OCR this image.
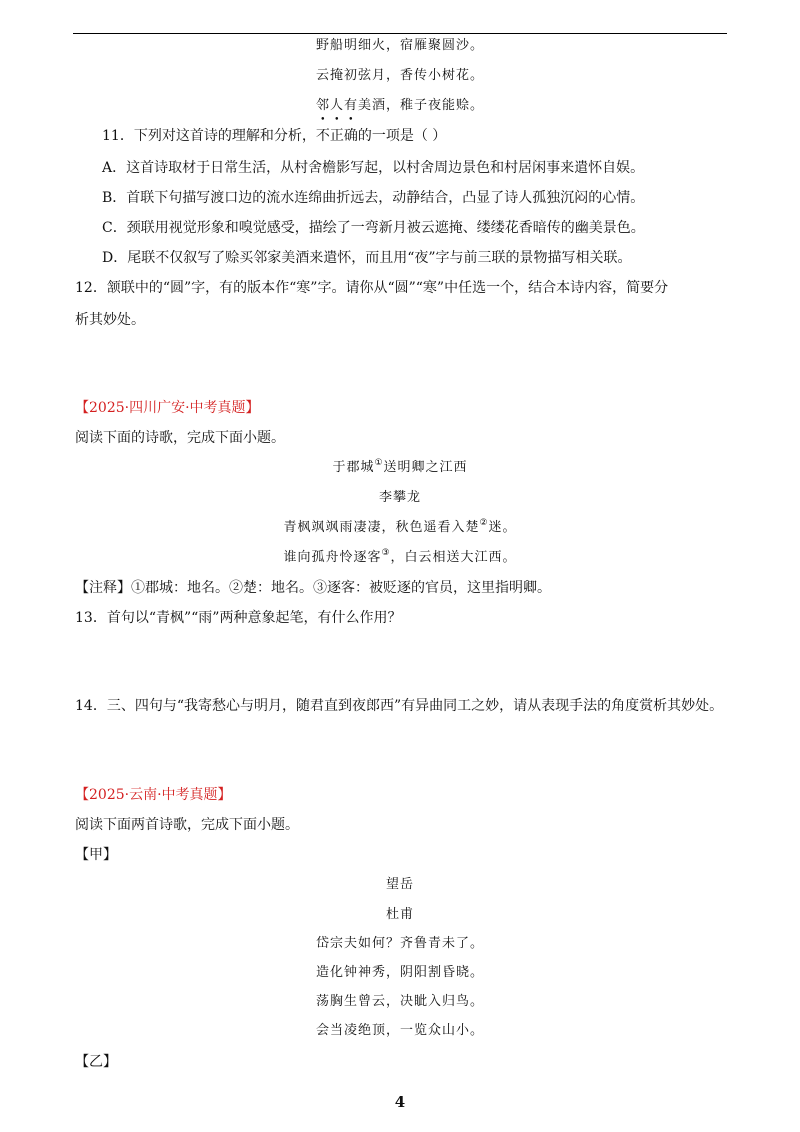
野船明细火，宿雁聚圆沙。
云掩初弦月，香传小树花。
邻人有美酒，稚子夜能赊。
11．下列对这首诗的理解和分析，不正确的一项是（ ）
A．这首诗取材于日常生活，从村舍檐影写起，以村舍周边景色和村居闲事来遣怀自娱。
B．首联下句描写渡口边的流水连绵曲折远去，动静结合，凸显了诗人孤独沉闷的心情。
C．颈联用视觉形象和嗅觉感受，描绘了一弯新月被云遮掩、缕缕花香暗传的幽美景色。
D．尾联不仅叙写了赊买邻家美酒来遣怀，而且用“夜”字与前三联的景物描写相关联。
12．颔联中的“圆”字，有的版本作“寒”字。请你从“圆”“寒”中任选一个，结合本诗内容，简要分
析其妙处。
【2025·四川广安·中考真题】
阅读下面的诗歌，完成下面小题。
于郡城①送明卿之江西
李攀龙
青枫飒飒雨凄凄，秋色遥看入楚②迷。
谁向孤舟怜逐客③，白云相送大江西。
【注释】①郡城：地名。②楚：地名。③逐客：被贬逐的官员，这里指明卿。
13．首句以“青枫”“雨”两种意象起笔，有什么作用？
14．三、四句与“我寄愁心与明月，随君直到夜郎西”有异曲同工之妙，请从表现手法的角度赏析其妙处。
【2025·云南·中考真题】
阅读下面两首诗歌，完成下面小题。
【甲】
望岳
杜甫
岱宗夫如何？齐鲁青未了。
造化钟神秀，阴阳割昏晓。
荡胸生曾云，决眦入归鸟。
会当凌绝顶，一览众山小。
【乙】
4
